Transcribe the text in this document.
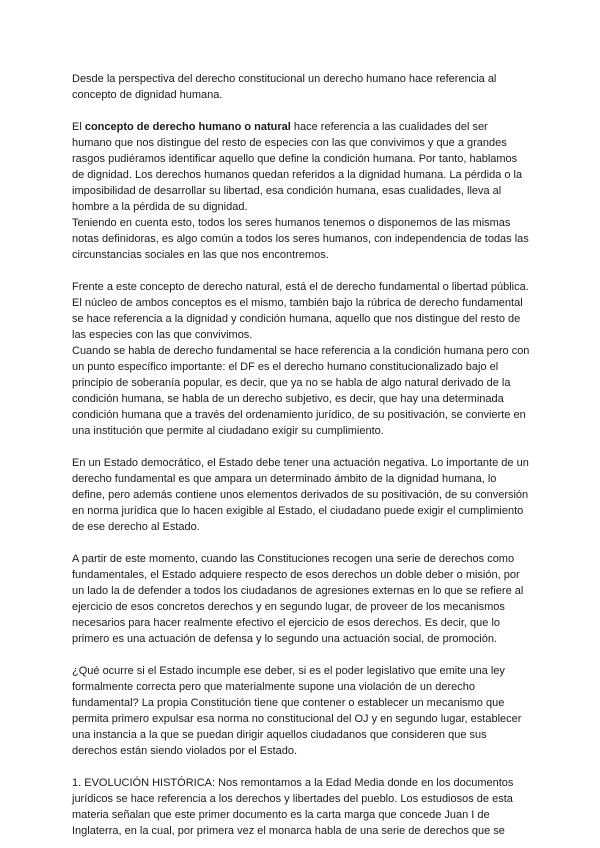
Desde la perspectiva del derecho constitucional un derecho humano hace referencia al concepto de dignidad humana.

El concepto de derecho humano o natural hace referencia a las cualidades del ser humano que nos distingue del resto de especies con las que convivimos y que a grandes rasgos pudiéramos identificar aquello que define la condición humana. Por tanto, hablamos de dignidad. Los derechos humanos quedan referidos a la dignidad humana. La pérdida o la imposibilidad de desarrollar su libertad, esa condición humana, esas cualidades, lleva al hombre a la pérdida de su dignidad.

Teniendo en cuenta esto, todos los seres humanos tenemos o disponemos de las mismas notas definidoras, es algo común a todos los seres humanos, con independencia de todas las circunstancias sociales en las que nos encontremos.

Frente a este concepto de derecho natural, está el de derecho fundamental o libertad pública. El núcleo de ambos conceptos es el mismo, también bajo la rúbrica de derecho fundamental se hace referencia a la dignidad y condición humana, aquello que nos distingue del resto de las especies con las que convivimos.

Cuando se habla de derecho fundamental se hace referencia a la condición humana pero con un punto específico importante: el DF es el derecho humano constitucionalizado bajo el principio de soberanía popular, es decir, que ya no se habla de algo natural derivado de la condición humana, se habla de un derecho subjetivo, es decir, que hay una determinada condición humana que a través del ordenamiento jurídico, de su positivación, se convierte en una institución que permite al ciudadano exigir su cumplimiento.

En un Estado democrático, el Estado debe tener una actuación negativa. Lo importante de un derecho fundamental es que ampara un determinado ámbito de la dignidad humana, lo define, pero además contiene unos elementos derivados de su positivación, de su conversión en norma jurídica que lo hacen exigible al Estado, el ciudadano puede exigir el cumplimiento de ese derecho al Estado.

A partir de este momento, cuando las Constituciones recogen una serie de derechos como fundamentales, el Estado adquiere respecto de esos derechos un doble deber o misión, por un lado la de defender a todos los ciudadanos de agresiones externas en lo que se refiere al ejercicio de esos concretos derechos y en segundo lugar, de proveer de los mecanismos necesarios para hacer realmente efectivo el ejercicio de esos derechos. Es decir, que lo primero es una actuación de defensa y lo segundo una actuación social, de promoción.

¿Qué ocurre si el Estado incumple ese deber, si es el poder legislativo que emite una ley formalmente correcta pero que materialmente supone una violación de un derecho fundamental? La propia Constitución tiene que contener o establecer un mecanismo que permita primero expulsar esa norma no constitucional del OJ y en segundo lugar, establecer una instancia a la que se puedan dirigir aquellos ciudadanos que consideren que sus derechos están siendo violados por el Estado.

1. EVOLUCIÓN HISTÓRICA: Nos remontamos a la Edad Media donde en los documentos jurídicos se hace referencia a los derechos y libertades del pueblo. Los estudiosos de esta materia señalan que este primer documento es la carta marga que concede Juan I de Inglaterra, en la cual, por primera vez el monarca habla de una serie de derechos que se
